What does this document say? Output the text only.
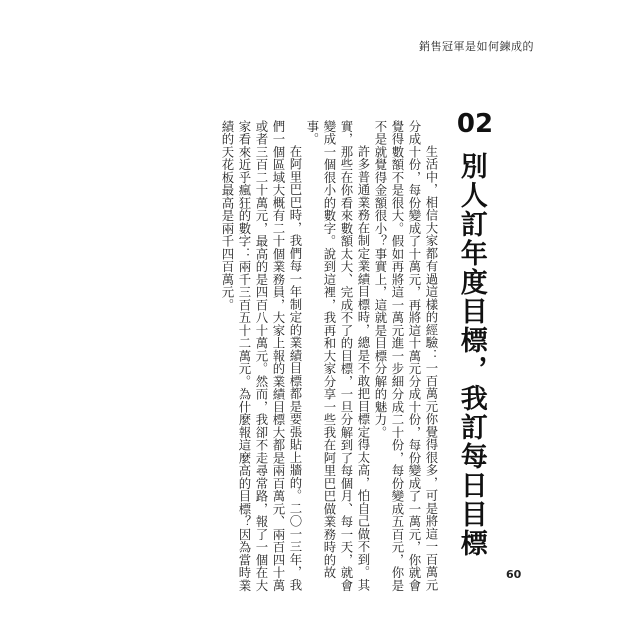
銷售冠軍是如何鍊成的
02
別人訂年度目標，我訂每日目標

生活中，相信大家都有過這樣的經驗：一百萬元你覺得很多，可是將這一百萬元分成十份，每份變成了十萬元，再將這十萬元分成十份，每份變成了一萬元，你就會覺得數額不是很大。假如再將這一萬元進一步細分成二十份，每份變成五百元，你是不是就覺得金額很小？事實上，這就是目標分解的魅力。

許多普通業務在制定業績目標時，總是不敢把目標定得太高，怕自己做不到。其實，那些在你看來數額太大、完成不了的目標，一旦分解到了每個月、每一天，就會變成一個很小的數字。說到這裡，我再和大家分享一些我在阿里巴巴做業務時的故事。

在阿里巴巴時，我們每一年制定的業績目標都是要張貼上牆的。二〇一三年，我們一個區域大概有二十個業務員，大家上報的業績目標大都是兩百萬元、兩百四十萬或者三百二十萬元，最高的是四百八十萬元。然而，我卻不走尋常路，報了一個在大家看來近乎瘋狂的數字：兩千三百五十二萬元。為什麼報這麼高的目標？因為當時業績的天花板最高是兩千四百萬元。

60
